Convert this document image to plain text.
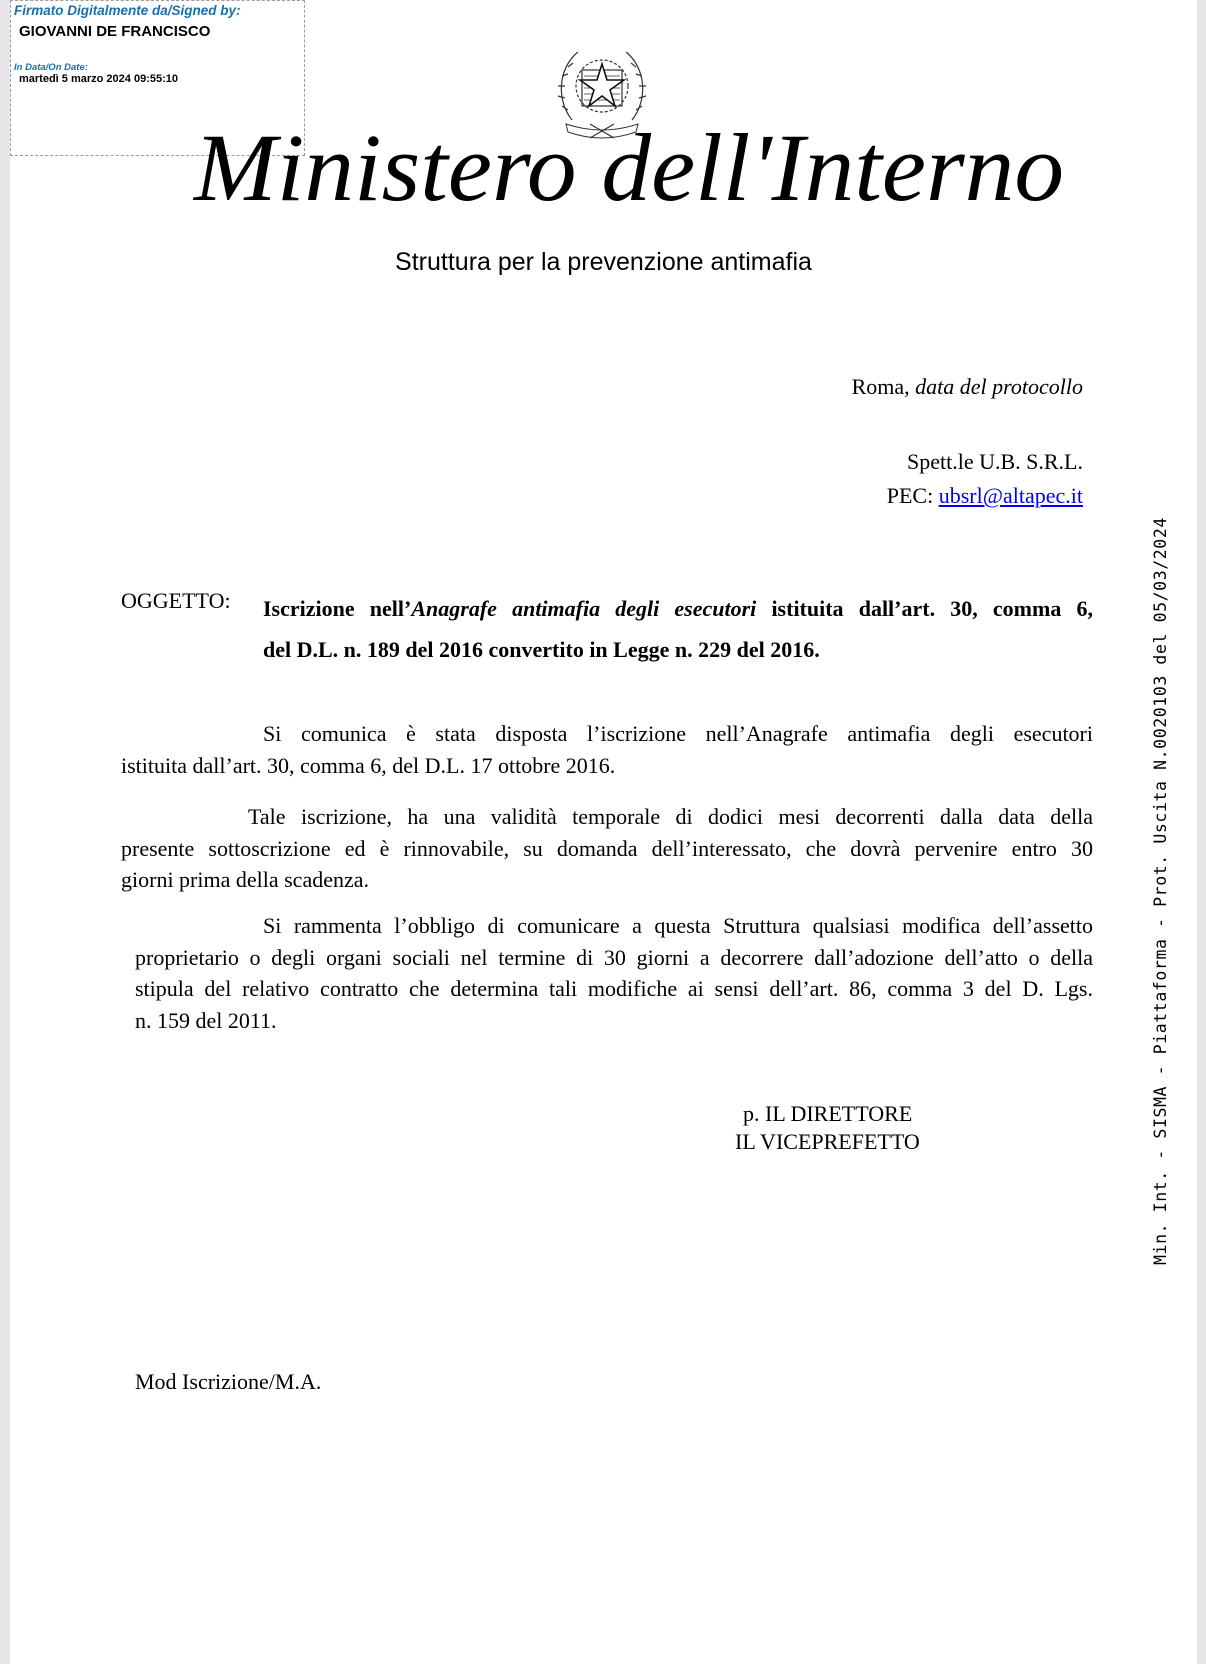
Firmato Digitalmente da/Signed by:
GIOVANNI DE FRANCISCO
In Data/On Date:
martedì 5 marzo 2024 09:55:10
Ministero dell'Interno
Struttura per la prevenzione antimafia
Roma, data del protocollo
Spett.le U.B. S.R.L.
PEC: ubsrl@altapec.it
OGGETTO: Iscrizione nell’Anagrafe antimafia degli esecutori istituita dall’art. 30, comma 6,
del D.L. n. 189 del 2016 convertito in Legge n. 229 del 2016.
Si comunica è stata disposta l’iscrizione nell’Anagrafe antimafia degli esecutori
istituita dall’art. 30, comma 6, del D.L. 17 ottobre 2016.
Tale iscrizione, ha una validità temporale di dodici mesi decorrenti dalla data della
presente sottoscrizione ed è rinnovabile, su domanda dell’interessato, che dovrà pervenire entro 30
giorni prima della scadenza.
Si rammenta l’obbligo di comunicare a questa Struttura qualsiasi modifica dell’assetto
proprietario o degli organi sociali nel termine di 30 giorni a decorrere dall’adozione dell’atto o della
stipula del relativo contratto che determina tali modifiche ai sensi dell’art. 86, comma 3 del D. Lgs.
n. 159 del 2011.
p. IL DIRETTORE
IL VICEPREFETTO
Mod Iscrizione/M.A.
Min. Int. - SISMA - Piattaforma - Prot. Uscita N.0020103 del 05/03/2024
